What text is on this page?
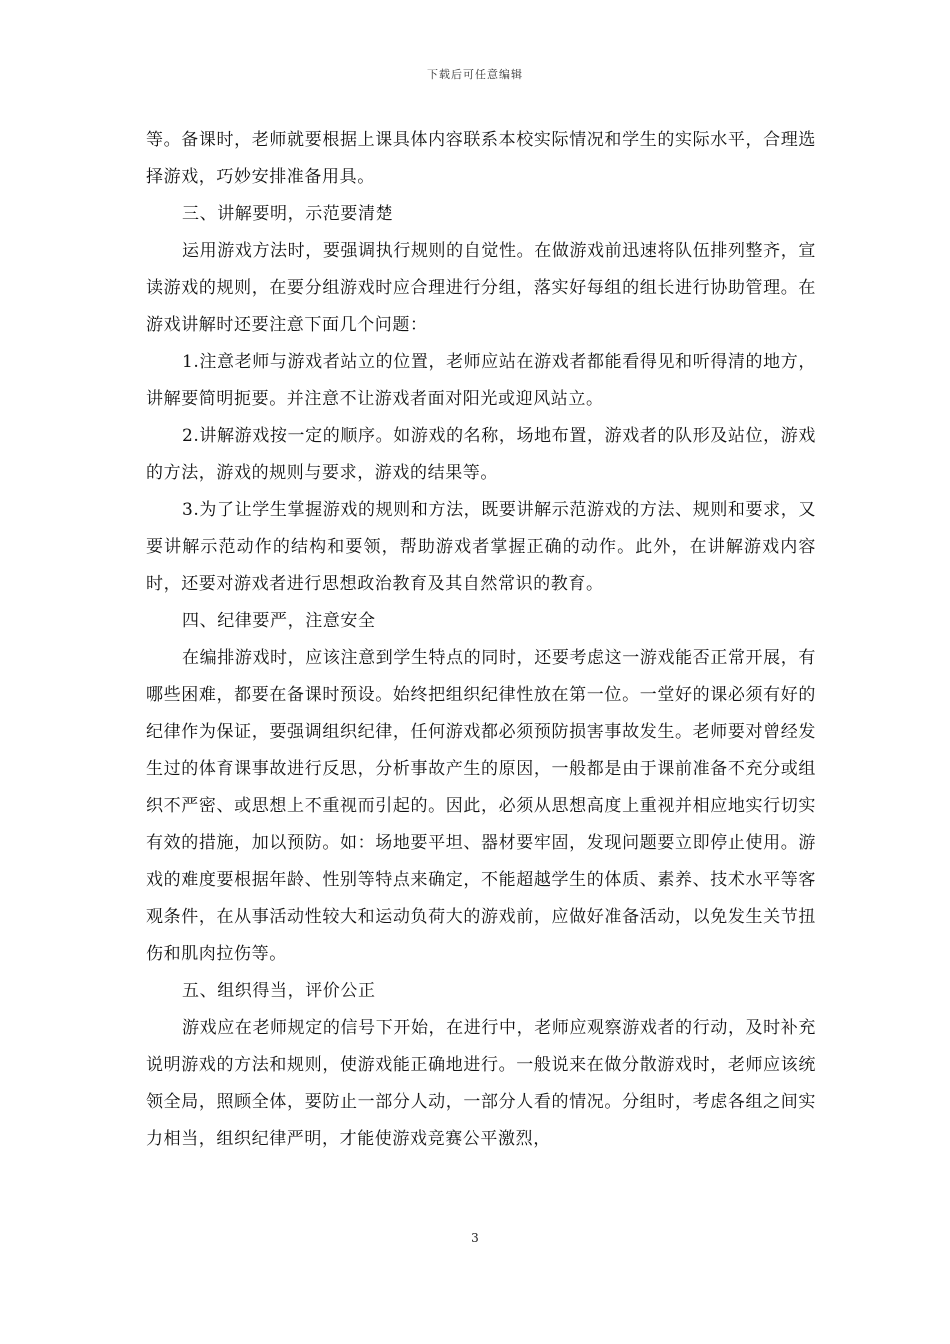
下载后可任意编辑

等。备课时，老师就要根据上课具体内容联系本校实际情况和学生的实际水平，合理选择游戏，巧妙安排准备用具。

三、讲解要明，示范要清楚

运用游戏方法时，要强调执行规则的自觉性。在做游戏前迅速将队伍排列整齐，宣读游戏的规则，在要分组游戏时应合理进行分组，落实好每组的组长进行协助管理。在游戏讲解时还要注意下面几个问题：

1.注意老师与游戏者站立的位置，老师应站在游戏者都能看得见和听得清的地方，讲解要简明扼要。并注意不让游戏者面对阳光或迎风站立。

2.讲解游戏按一定的顺序。如游戏的名称，场地布置，游戏者的队形及站位，游戏的方法，游戏的规则与要求，游戏的结果等。

3.为了让学生掌握游戏的规则和方法，既要讲解示范游戏的方法、规则和要求，又要讲解示范动作的结构和要领，帮助游戏者掌握正确的动作。此外，在讲解游戏内容时，还要对游戏者进行思想政治教育及其自然常识的教育。

四、纪律要严，注意安全

在编排游戏时，应该注意到学生特点的同时，还要考虑这一游戏能否正常开展，有哪些困难，都要在备课时预设。始终把组织纪律性放在第一位。一堂好的课必须有好的纪律作为保证，要强调组织纪律，任何游戏都必须预防损害事故发生。老师要对曾经发生过的体育课事故进行反思，分析事故产生的原因，一般都是由于课前准备不充分或组织不严密、或思想上不重视而引起的。因此，必须从思想高度上重视并相应地实行切实有效的措施，加以预防。如：场地要平坦、器材要牢固，发现问题要立即停止使用。游戏的难度要根据年龄、性别等特点来确定，不能超越学生的体质、素养、技术水平等客观条件，在从事活动性较大和运动负荷大的游戏前，应做好准备活动，以免发生关节扭伤和肌肉拉伤等。

五、组织得当，评价公正

游戏应在老师规定的信号下开始，在进行中，老师应观察游戏者的行动，及时补充说明游戏的方法和规则，使游戏能正确地进行。一般说来在做分散游戏时，老师应该统领全局，照顾全体，要防止一部分人动，一部分人看的情况。分组时，考虑各组之间实力相当，组织纪律严明，才能使游戏竞赛公平激烈，

3
